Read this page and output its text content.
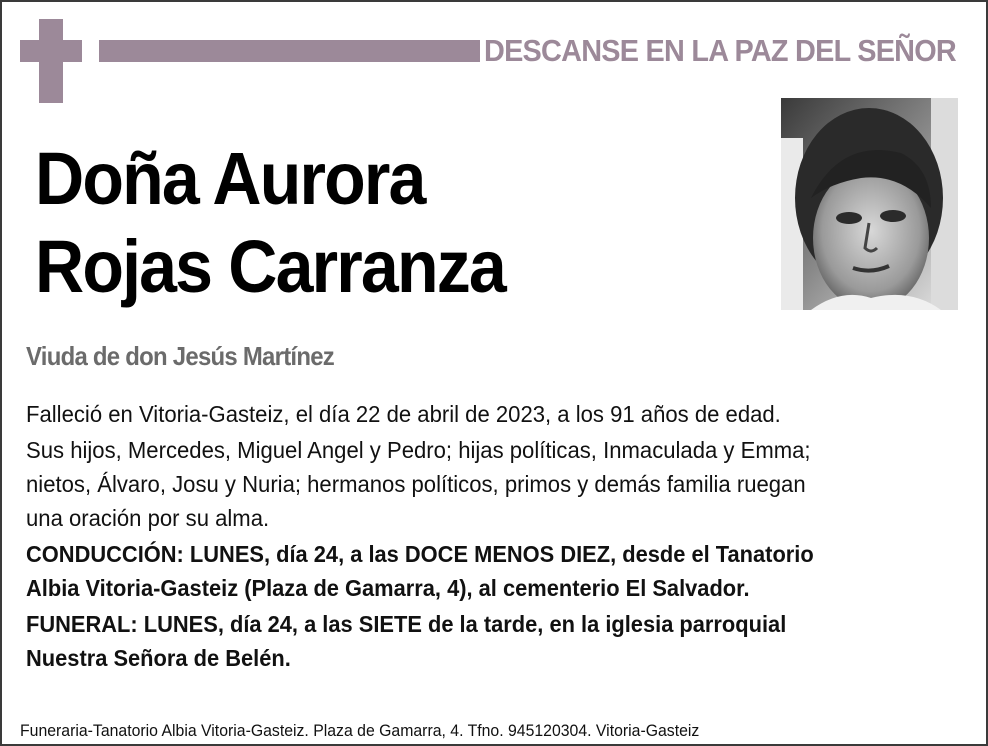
DESCANSE EN LA PAZ DEL SEÑOR
Doña Aurora
Rojas Carranza
Viuda de don Jesús Martínez

Falleció en Vitoria-Gasteiz, el día 22 de abril de 2023, a los 91 años de edad.

Sus hijos, Mercedes, Miguel Angel y Pedro; hijas políticas, Inmaculada y Emma;
nietos, Álvaro, Josu y Nuria; hermanos políticos, primos y demás familia ruegan
una oración por su alma.

CONDUCCIÓN: LUNES, día 24, a las DOCE MENOS DIEZ, desde el Tanatorio
Albia Vitoria-Gasteiz (Plaza de Gamarra, 4), al cementerio El Salvador.

FUNERAL: LUNES, día 24, a las SIETE de la tarde, en la iglesia parroquial
Nuestra Señora de Belén.

Funeraria-Tanatorio Albia Vitoria-Gasteiz. Plaza de Gamarra, 4. Tfno. 945120304. Vitoria-Gasteiz
